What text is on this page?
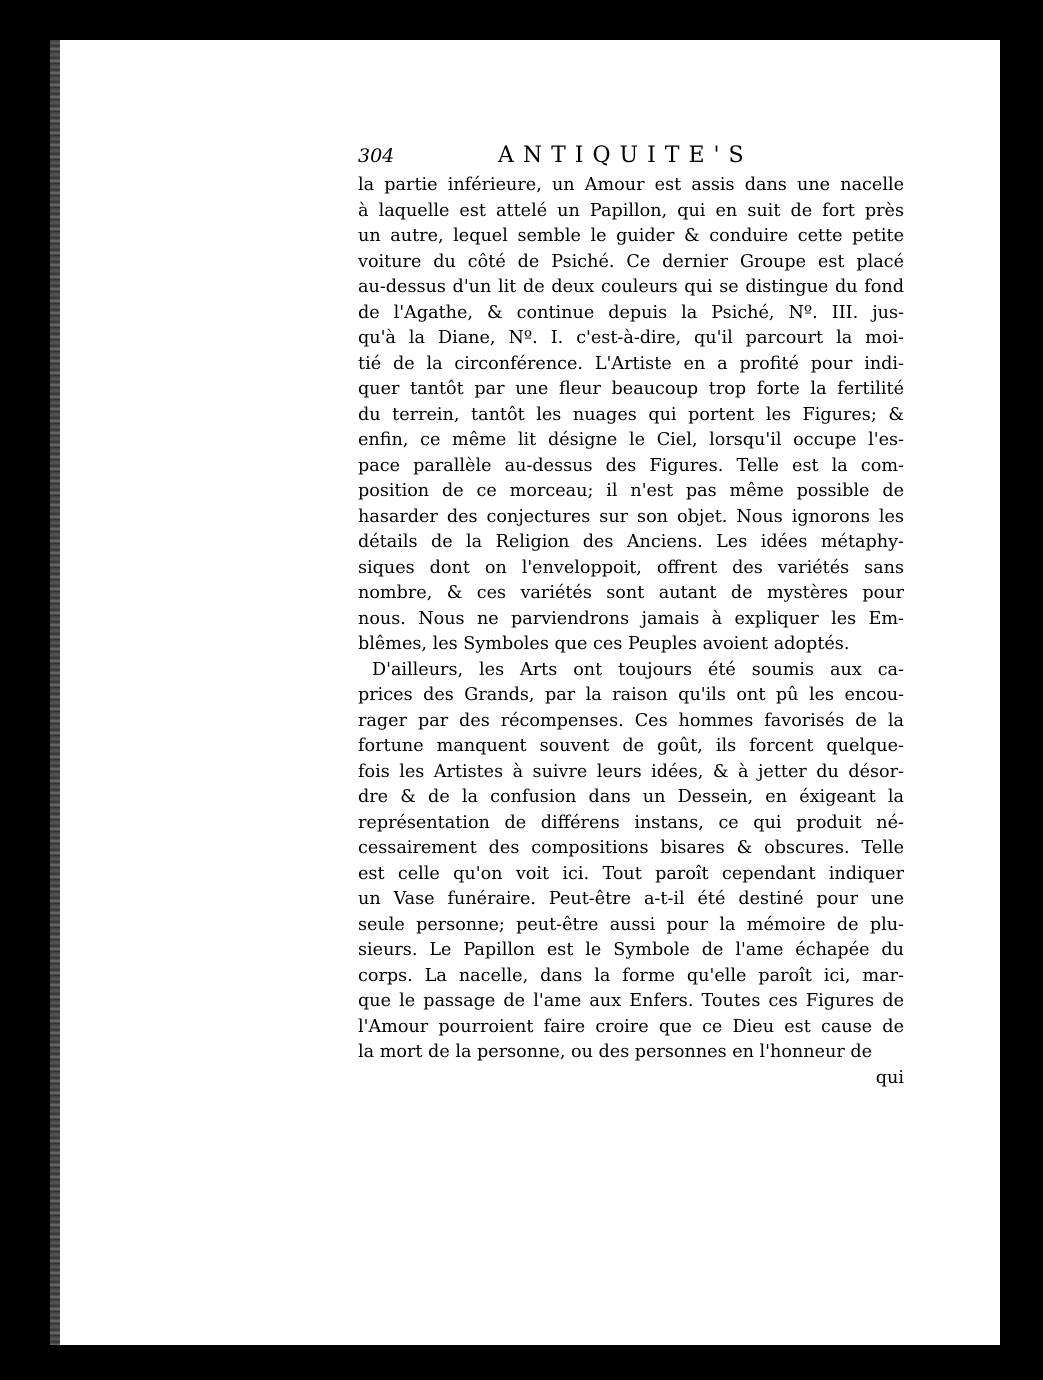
304	ANTIQUITE'S
la partie inférieure, un Amour est assis dans une nacelle
à laquelle est attelé un Papillon, qui en suit de fort près
un autre, lequel semble le guider & conduire cette petite
voiture du côté de Psiché. Ce dernier Groupe est placé
au-dessus d'un lit de deux couleurs qui se distingue du fond
de l'Agathe, & continue depuis la Psiché, Nº. III. jus-
qu'à la Diane, Nº. I. c'est-à-dire, qu'il parcourt la moi-
tié de la circonférence. L'Artiste en a profité pour indi-
quer tantôt par une fleur beaucoup trop forte la fertilité
du terrein, tantôt les nuages qui portent les Figures; &
enfin, ce même lit désigne le Ciel, lorsqu'il occupe l'es-
pace parallèle au-dessus des Figures. Telle est la com-
position de ce morceau; il n'est pas même possible de
hasarder des conjectures sur son objet. Nous ignorons les
détails de la Religion des Anciens. Les idées métaphy-
siques dont on l'enveloppoit, offrent des variétés sans
nombre, & ces variétés sont autant de mystères pour
nous. Nous ne parviendrons jamais à expliquer les Em-
blêmes, les Symboles que ces Peuples avoient adoptés.
D'ailleurs, les Arts ont toujours été soumis aux ca-
prices des Grands, par la raison qu'ils ont pû les encou-
rager par des récompenses. Ces hommes favorisés de la
fortune manquent souvent de goût, ils forcent quelque-
fois les Artistes à suivre leurs idées, & à jetter du désor-
dre & de la confusion dans un Dessein, en éxigeant la
représentation de différens instans, ce qui produit né-
cessairement des compositions bisares & obscures. Telle
est celle qu'on voit ici. Tout paroît cependant indiquer
un Vase funéraire. Peut-être a-t-il été destiné pour une
seule personne; peut-être aussi pour la mémoire de plu-
sieurs. Le Papillon est le Symbole de l'ame échapée du
corps. La nacelle, dans la forme qu'elle paroît ici, mar-
que le passage de l'ame aux Enfers. Toutes ces Figures de
l'Amour pourroient faire croire que ce Dieu est cause de
la mort de la personne, ou des personnes en l'honneur de
qui
